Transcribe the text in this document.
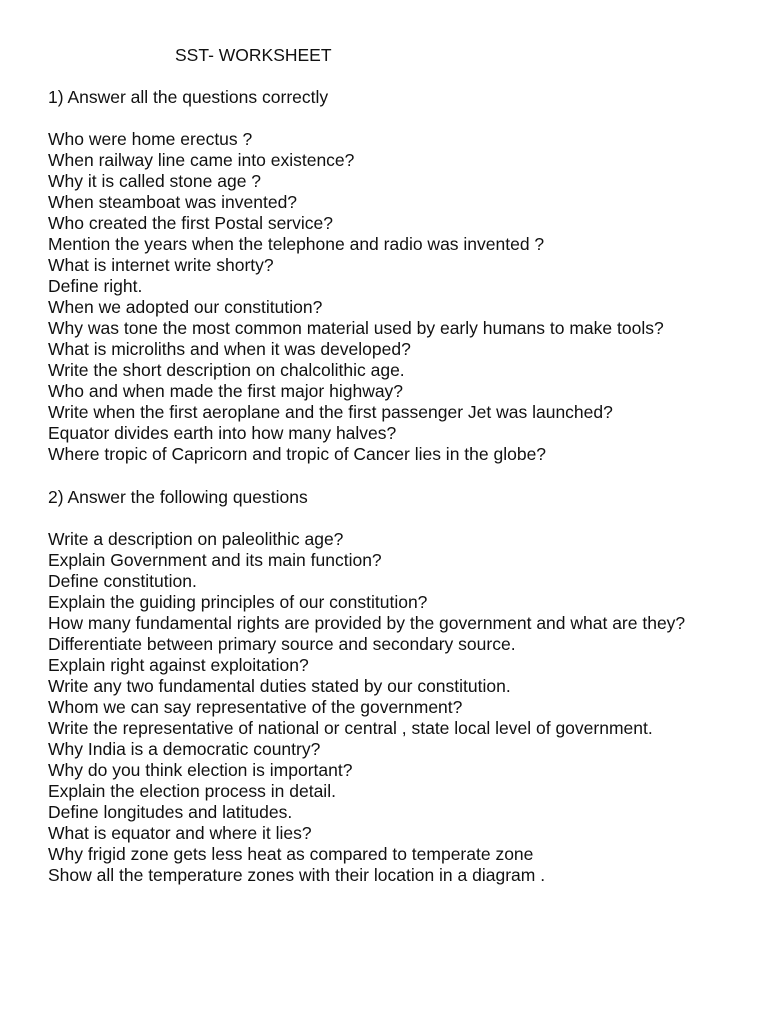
SST- WORKSHEET
1) Answer all the questions correctly
Who were home erectus ?
When railway line came into existence?
Why it is called stone age ?
When steamboat was invented?
Who created the first Postal service?
Mention the years when the telephone and radio was invented ?
What is internet write shorty?
Define right.
When we adopted our constitution?
Why was tone the most common material used by early humans to make tools?
What is microliths and when it was developed?
Write the short description on chalcolithic age.
Who and when made the first major highway?
Write when the first aeroplane and the first passenger Jet was launched?
Equator divides earth into how many halves?
Where tropic of Capricorn and tropic of Cancer lies in the globe?
2) Answer the following questions
Write a description on paleolithic age?
Explain Government and its main function?
Define constitution.
Explain the guiding principles of our constitution?
How many fundamental rights are provided by the government and what are they?
Differentiate between primary source and secondary source.
Explain right against exploitation?
Write any two fundamental duties stated by our constitution.
Whom we can say representative of the government?
Write the representative of national or central , state local level of government.
Why India is a democratic country?
Why do you think election is important?
Explain the election process in detail.
Define longitudes and latitudes.
What is equator and where it lies?
Why frigid zone gets less heat as compared to temperate zone
Show all the temperature zones with their location in a diagram .
